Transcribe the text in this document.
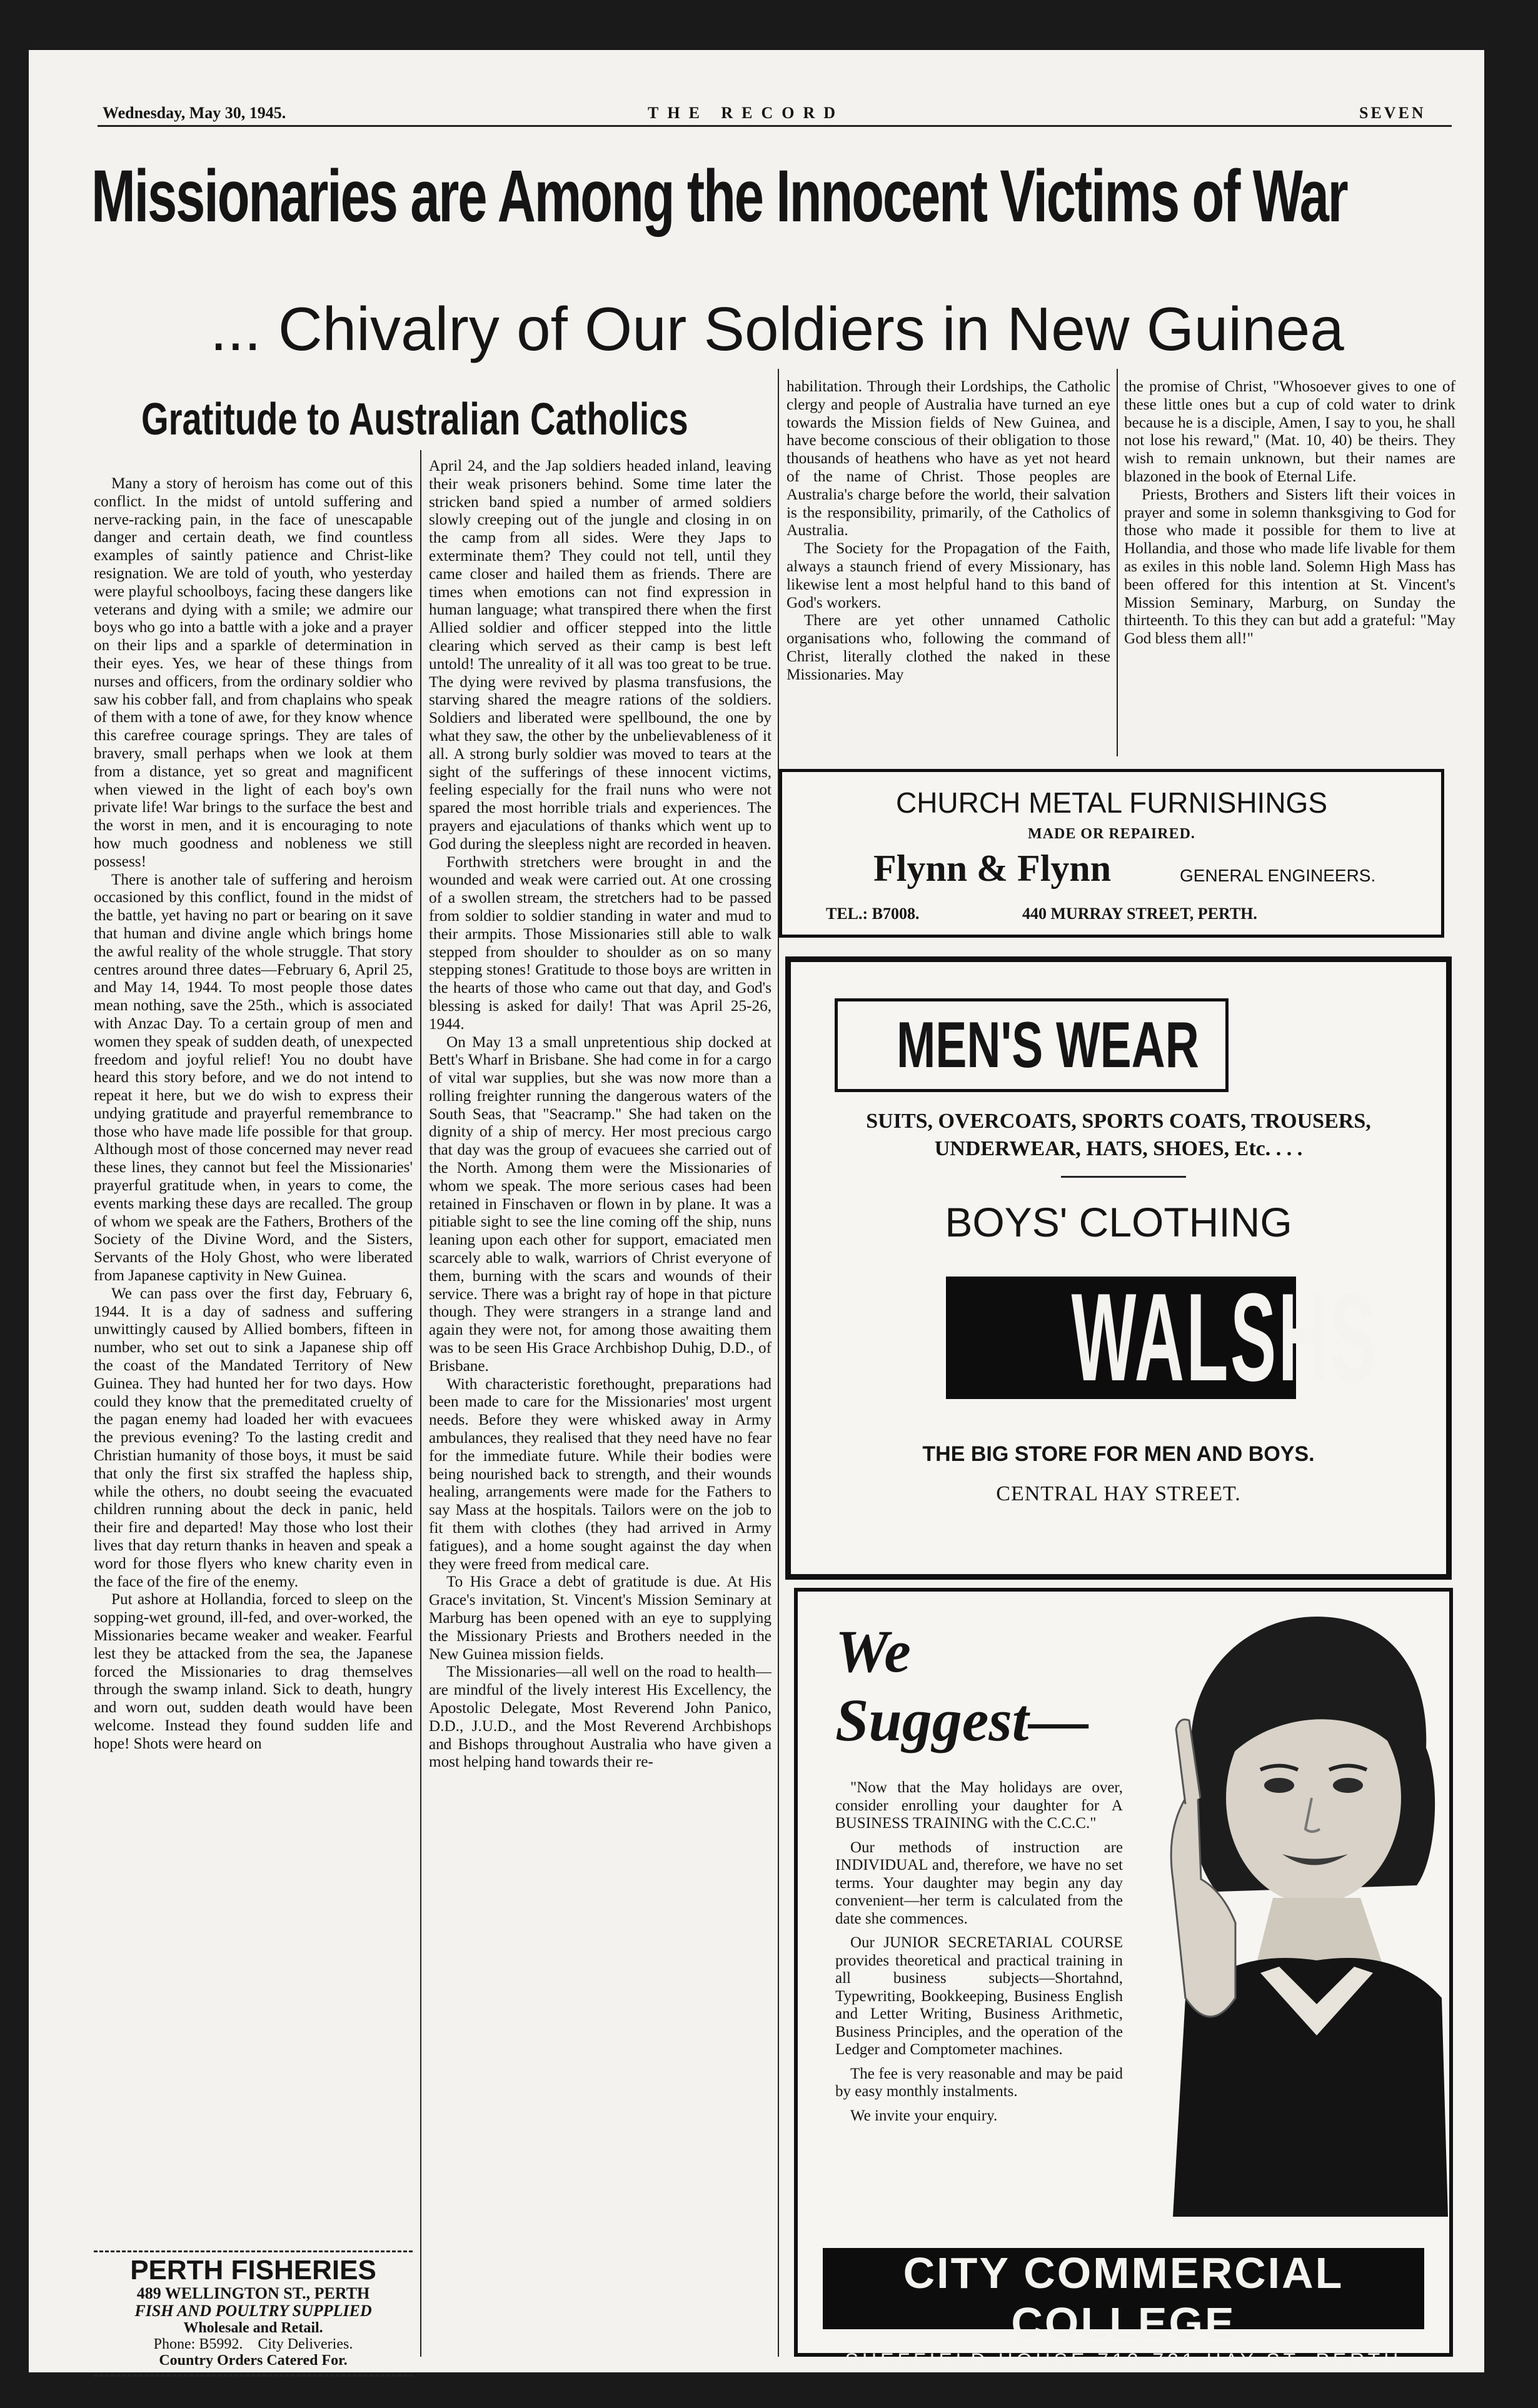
Wednesday, May 30, 1945.	THE RECORD	SEVEN
Missionaries are Among the Innocent Victims of War
... Chivalry of Our Soldiers in New Guinea
Gratitude to Australian Catholics

Many a story of heroism has come out of this conflict. In the midst of untold suffering and nerve-racking pain, in the face of unescapable danger and certain death, we find countless examples of saintly patience and Christ-like resignation. We are told of youth, who yesterday were playful schoolboys, facing these dangers like veterans and dying with a smile; we admire our boys who go into a battle with a joke and a prayer on their lips and a sparkle of determination in their eyes. Yes, we hear of these things from nurses and officers, from the ordinary soldier who saw his cobber fall, and from chaplains who speak of them with a tone of awe, for they know whence this carefree courage springs. They are tales of bravery, small perhaps when we look at them from a distance, yet so great and magnificent when viewed in the light of each boy's own private life! War brings to the surface the best and the worst in men, and it is encouraging to note how much goodness and nobleness we still possess!

There is another tale of suffering and heroism occasioned by this conflict, found in the midst of the battle, yet having no part or bearing on it save that human and divine angle which brings home the awful reality of the whole struggle. That story centres around three dates—February 6, April 25, and May 14, 1944. To most people those dates mean nothing, save the 25th., which is associated with Anzac Day. To a certain group of men and women they speak of sudden death, of unexpected freedom and joyful relief! You no doubt have heard this story before, and we do not intend to repeat it here, but we do wish to express their undying gratitude and prayerful remembrance to those who have made life possible for that group. Although most of those concerned may never read these lines, they cannot but feel the Missionaries' prayerful gratitude when, in years to come, the events marking these days are recalled. The group of whom we speak are the Fathers, Brothers of the Society of the Divine Word, and the Sisters, Servants of the Holy Ghost, who were liberated from Japanese captivity in New Guinea.

We can pass over the first day, February 6, 1944. It is a day of sadness and suffering unwittingly caused by Allied bombers, fifteen in number, who set out to sink a Japanese ship off the coast of the Mandated Territory of New Guinea. They had hunted her for two days. How could they know that the premeditated cruelty of the pagan enemy had loaded her with evacuees the previous evening? To the lasting credit and Christian humanity of those boys, it must be said that only the first six straffed the hapless ship, while the others, no doubt seeing the evacuated children running about the deck in panic, held their fire and departed! May those who lost their lives that day return thanks in heaven and speak a word for those flyers who knew charity even in the face of the fire of the enemy.

Put ashore at Hollandia, forced to sleep on the sopping-wet ground, ill-fed, and over-worked, the Missionaries became weaker and weaker. Fearful lest they be attacked from the sea, the Japanese forced the Missionaries to drag themselves through the swamp inland. Sick to death, hungry and worn out, sudden death would have been welcome. Instead they found sudden life and hope! Shots were heard on

PERTH FISHERIES
489 WELLINGTON ST., PERTH
FISH AND POULTRY SUPPLIED
Wholesale and Retail.
Phone: B5992. City Deliveries.
Country Orders Catered For.

April 24, and the Jap soldiers headed inland, leaving their weak prisoners behind. Some time later the stricken band spied a number of armed soldiers slowly creeping out of the jungle and closing in on the camp from all sides. Were they Japs to exterminate them? They could not tell, until they came closer and hailed them as friends. There are times when emotions can not find expression in human language; what transpired there when the first Allied soldier and officer stepped into the little clearing which served as their camp is best left untold! The unreality of it all was too great to be true. The dying were revived by plasma transfusions, the starving shared the meagre rations of the soldiers. Soldiers and liberated were spellbound, the one by what they saw, the other by the unbelievableness of it all. A strong burly soldier was moved to tears at the sight of the sufferings of these innocent victims, feeling especially for the frail nuns who were not spared the most horrible trials and experiences. The prayers and ejaculations of thanks which went up to God during the sleepless night are recorded in heaven.

Forthwith stretchers were brought in and the wounded and weak were carried out. At one crossing of a swollen stream, the stretchers had to be passed from soldier to soldier standing in water and mud to their armpits. Those Missionaries still able to walk stepped from shoulder to shoulder as on so many stepping stones! Gratitude to those boys are written in the hearts of those who came out that day, and God's blessing is asked for daily! That was April 25-26, 1944.

On May 13 a small unpretentious ship docked at Bett's Wharf in Brisbane. She had come in for a cargo of vital war supplies, but she was now more than a rolling freighter running the dangerous waters of the South Seas, that "Seacramp." She had taken on the dignity of a ship of mercy. Her most precious cargo that day was the group of evacuees she carried out of the North. Among them were the Missionaries of whom we speak. The more serious cases had been retained in Finschaven or flown in by plane. It was a pitiable sight to see the line coming off the ship, nuns leaning upon each other for support, emaciated men scarcely able to walk, warriors of Christ everyone of them, burning with the scars and wounds of their service. There was a bright ray of hope in that picture though. They were strangers in a strange land and again they were not, for among those awaiting them was to be seen His Grace Archbishop Duhig, D.D., of Brisbane.

With characteristic forethought, preparations had been made to care for the Missionaries' most urgent needs. Before they were whisked away in Army ambulances, they realised that they need have no fear for the immediate future. While their bodies were being nourished back to strength, and their wounds healing, arrangements were made for the Fathers to say Mass at the hospitals. Tailors were on the job to fit them with clothes (they had arrived in Army fatigues), and a home sought against the day when they were freed from medical care.

To His Grace a debt of gratitude is due. At His Grace's invitation, St. Vincent's Mission Seminary at Marburg has been opened with an eye to supplying the Missionary Priests and Brothers needed in the New Guinea mission fields.

The Missionaries—all well on the road to health—are mindful of the lively interest His Excellency, the Apostolic Delegate, Most Reverend John Panico, D.D., J.U.D., and the Most Reverend Archbishops and Bishops throughout Australia who have given a most helping hand towards their re-

habilitation. Through their Lordships, the Catholic clergy and people of Australia have turned an eye towards the Mission fields of New Guinea, and have become conscious of their obligation to those thousands of heathens who have as yet not heard of the name of Christ. Those peoples are Australia's charge before the world, their salvation is the responsibility, primarily, of the Catholics of Australia.

The Society for the Propagation of the Faith, always a staunch friend of every Missionary, has likewise lent a most helpful hand to this band of God's workers.

There are yet other unnamed Catholic organisations who, following the command of Christ, literally clothed the naked in these Missionaries. May

the promise of Christ, "Whosoever gives to one of these little ones but a cup of cold water to drink because he is a disciple, Amen, I say to you, he shall not lose his reward," (Mat. 10, 40) be theirs. They wish to remain unknown, but their names are blazoned in the book of Eternal Life.

Priests, Brothers and Sisters lift their voices in prayer and some in solemn thanksgiving to God for those who made it possible for them to live at Hollandia, and those who made life livable for them as exiles in this noble land. Solemn High Mass has been offered for this intention at St. Vincent's Mission Seminary, Marburg, on Sunday the thirteenth. To this they can but add a grateful: "May God bless them all!"

CHURCH METAL FURNISHINGS
MADE OR REPAIRED.
Flynn & Flynn	GENERAL ENGINEERS.
TEL.: B7008.	440 MURRAY STREET, PERTH.
MEN'S WEAR
SUITS, OVERCOATS, SPORTS COATS, TROUSERS,
UNDERWEAR, HATS, SHOES, Etc. . . .
BOYS' CLOTHING
WALSHS
THE BIG STORE FOR MEN AND BOYS.
CENTRAL HAY STREET.
We
Suggest—

"Now that the May holidays are over, consider enrolling your daughter for A BUSINESS TRAINING with the C.C.C."

Our methods of instruction are INDIVIDUAL and, therefore, we have no set terms. Your daughter may begin any day convenient—her term is calculated from the date she commences.

Our JUNIOR SECRETARIAL COURSE provides theoretical and practical training in all business subjects—Shortahnd, Typewriting, Bookkeeping, Business English and Letter Writing, Business Arithmetic, Business Principles, and the operation of the Ledger and Comptometer machines.

The fee is very reasonable and may be paid by easy monthly instalments.

We invite your enquiry.

CITY COMMERCIAL COLLEGE
SHEFFIELD HOUSE 713-721 HAY ST. PERTH
